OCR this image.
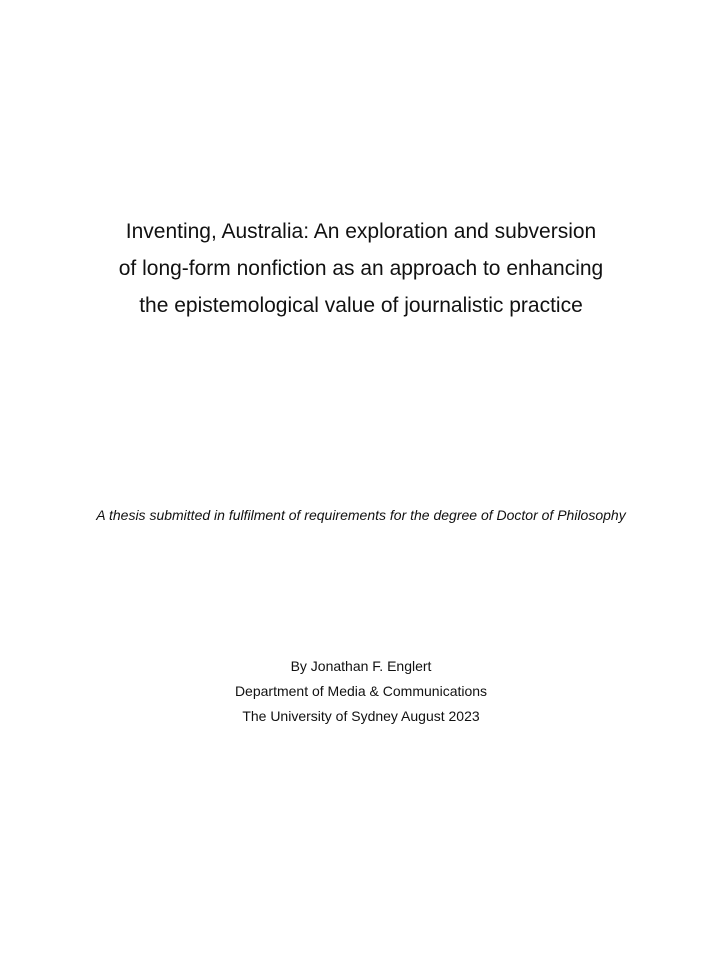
Inventing, Australia: An exploration and subversion
of long-form nonfiction as an approach to enhancing
the epistemological value of journalistic practice
A thesis submitted in fulfilment of requirements for the degree of Doctor of Philosophy
By Jonathan F. Englert
Department of Media & Communications
The University of Sydney August 2023
